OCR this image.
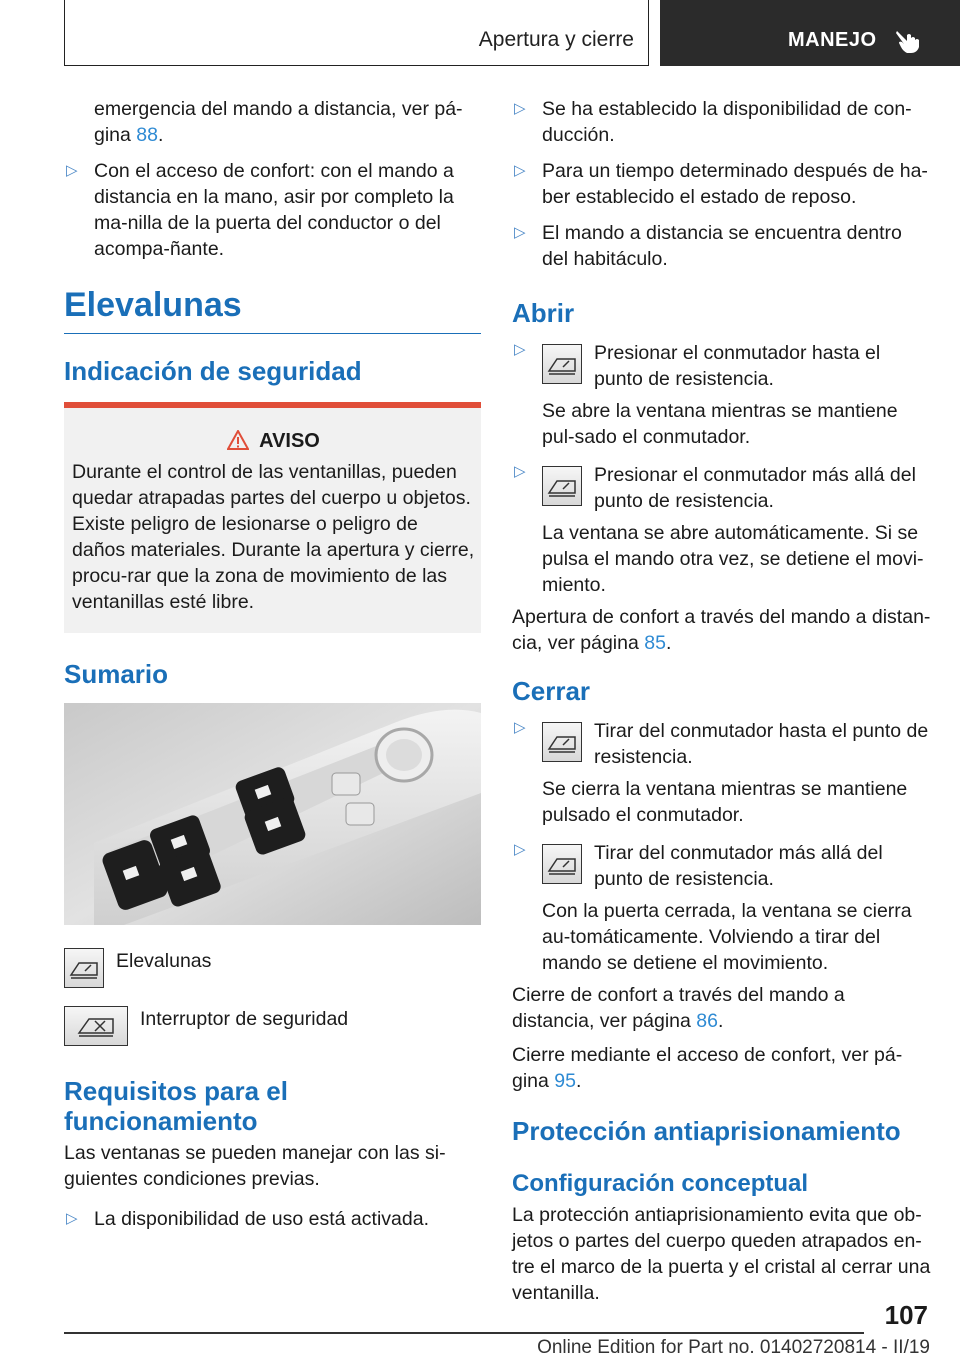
Apertura y cierre	MANEJO
emergencia del mando a distancia, ver pá-gina 88.
▷ Con el acceso de confort: con el mando a distancia en la mano, asir por completo la ma-nilla de la puerta del conductor o del acompa-ñante.
Elevalunas
Indicación de seguridad
AVISO
Durante el control de las ventanillas, pueden quedar atrapadas partes del cuerpo u objetos. Existe peligro de lesionarse o peligro de daños materiales. Durante la apertura y cierre, procu-rar que la zona de movimiento de las ventanillas esté libre.
Sumario
Elevalunas
Interruptor de seguridad
Requisitos para el funcionamiento

Las ventanas se pueden manejar con las si-guientes condiciones previas.

▷ La disponibilidad de uso está activada.
▷ Se ha establecido la disponibilidad de con-ducción.
▷ Para un tiempo determinado después de ha-ber establecido el estado de reposo.
▷ El mando a distancia se encuentra dentro del habitáculo.
Abrir
▷	Presionar el conmutador hasta el punto de resistencia.
Se abre la ventana mientras se mantiene pul-sado el conmutador.
▷	Presionar el conmutador más allá del punto de resistencia.
La ventana se abre automáticamente. Si se pulsa el mando otra vez, se detiene el movi-miento.

Apertura de confort a través del mando a distan-cia, ver página 85.

Cerrar
▷	Tirar del conmutador hasta el punto de resistencia.
Se cierra la ventana mientras se mantiene pulsado el conmutador.
▷	Tirar del conmutador más allá del punto de resistencia.
Con la puerta cerrada, la ventana se cierra au-tomáticamente. Volviendo a tirar del mando se detiene el movimiento.

Cierre de confort a través del mando a distancia, ver página 86.

Cierre mediante el acceso de confort, ver pá-gina 95.

Protección antiaprisionamiento
Configuración conceptual

La protección antiaprisionamiento evita que ob-jetos o partes del cuerpo queden atrapados en-tre el marco de la puerta y el cristal al cerrar una ventanilla.

107
Online Edition for Part no. 01402720814 - II/19
